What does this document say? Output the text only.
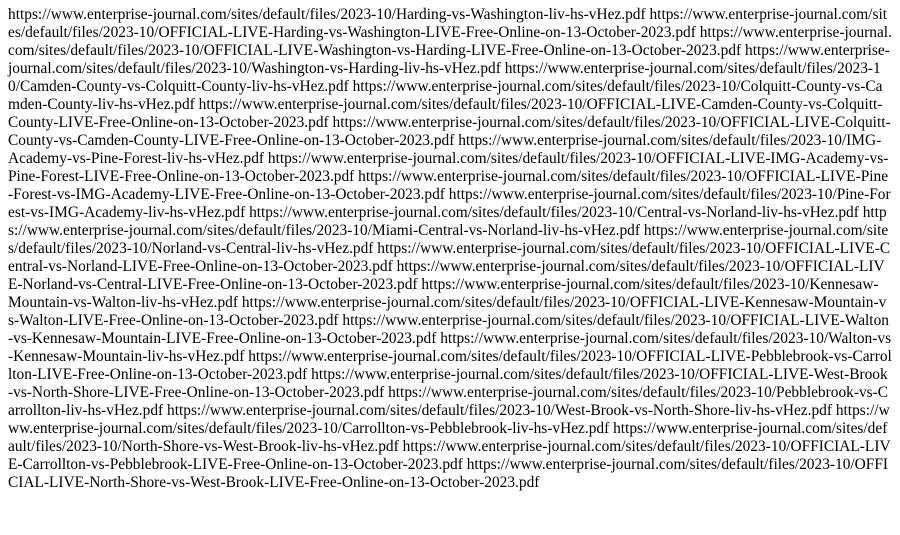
https://www.enterprise-journal.com/sites/default/files/2023-10/Harding-vs-Washington-liv-hs-vHez.pdf https://www.enterprise-journal.com/sites/default/files/2023-10/OFFICIAL-LIVE-Harding-vs-Washington-LIVE-Free-Online-on-13-October-2023.pdf https://www.enterprise-journal.com/sites/default/files/2023-10/OFFICIAL-LIVE-Washington-vs-Harding-LIVE-Free-Online-on-13-October-2023.pdf https://www.enterprise-journal.com/sites/default/files/2023-10/Washington-vs-Harding-liv-hs-vHez.pdf https://www.enterprise-journal.com/sites/default/files/2023-10/Camden-County-vs-Colquitt-County-liv-hs-vHez.pdf https://www.enterprise-journal.com/sites/default/files/2023-10/Colquitt-County-vs-Camden-County-liv-hs-vHez.pdf https://www.enterprise-journal.com/sites/default/files/2023-10/OFFICIAL-LIVE-Camden-County-vs-Colquitt-County-LIVE-Free-Online-on-13-October-2023.pdf https://www.enterprise-journal.com/sites/default/files/2023-10/OFFICIAL-LIVE-Colquitt-County-vs-Camden-County-LIVE-Free-Online-on-13-October-2023.pdf https://www.enterprise-journal.com/sites/default/files/2023-10/IMG-Academy-vs-Pine-Forest-liv-hs-vHez.pdf https://www.enterprise-journal.com/sites/default/files/2023-10/OFFICIAL-LIVE-IMG-Academy-vs-Pine-Forest-LIVE-Free-Online-on-13-October-2023.pdf https://www.enterprise-journal.com/sites/default/files/2023-10/OFFICIAL-LIVE-Pine-Forest-vs-IMG-Academy-LIVE-Free-Online-on-13-October-2023.pdf https://www.enterprise-journal.com/sites/default/files/2023-10/Pine-Forest-vs-IMG-Academy-liv-hs-vHez.pdf https://www.enterprise-journal.com/sites/default/files/2023-10/Central-vs-Norland-liv-hs-vHez.pdf https://www.enterprise-journal.com/sites/default/files/2023-10/Miami-Central-vs-Norland-liv-hs-vHez.pdf https://www.enterprise-journal.com/sites/default/files/2023-10/Norland-vs-Central-liv-hs-vHez.pdf https://www.enterprise-journal.com/sites/default/files/2023-10/OFFICIAL-LIVE-Central-vs-Norland-LIVE-Free-Online-on-13-October-2023.pdf https://www.enterprise-journal.com/sites/default/files/2023-10/OFFICIAL-LIVE-Norland-vs-Central-LIVE-Free-Online-on-13-October-2023.pdf https://www.enterprise-journal.com/sites/default/files/2023-10/Kennesaw-Mountain-vs-Walton-liv-hs-vHez.pdf https://www.enterprise-journal.com/sites/default/files/2023-10/OFFICIAL-LIVE-Kennesaw-Mountain-vs-Walton-LIVE-Free-Online-on-13-October-2023.pdf https://www.enterprise-journal.com/sites/default/files/2023-10/OFFICIAL-LIVE-Walton-vs-Kennesaw-Mountain-LIVE-Free-Online-on-13-October-2023.pdf https://www.enterprise-journal.com/sites/default/files/2023-10/Walton-vs-Kennesaw-Mountain-liv-hs-vHez.pdf https://www.enterprise-journal.com/sites/default/files/2023-10/OFFICIAL-LIVE-Pebblebrook-vs-Carrollton-LIVE-Free-Online-on-13-October-2023.pdf https://www.enterprise-journal.com/sites/default/files/2023-10/OFFICIAL-LIVE-West-Brook-vs-North-Shore-LIVE-Free-Online-on-13-October-2023.pdf https://www.enterprise-journal.com/sites/default/files/2023-10/Pebblebrook-vs-Carrollton-liv-hs-vHez.pdf https://www.enterprise-journal.com/sites/default/files/2023-10/West-Brook-vs-North-Shore-liv-hs-vHez.pdf https://www.enterprise-journal.com/sites/default/files/2023-10/Carrollton-vs-Pebblebrook-liv-hs-vHez.pdf https://www.enterprise-journal.com/sites/default/files/2023-10/North-Shore-vs-West-Brook-liv-hs-vHez.pdf https://www.enterprise-journal.com/sites/default/files/2023-10/OFFICIAL-LIVE-Carrollton-vs-Pebblebrook-LIVE-Free-Online-on-13-October-2023.pdf https://www.enterprise-journal.com/sites/default/files/2023-10/OFFICIAL-LIVE-North-Shore-vs-West-Brook-LIVE-Free-Online-on-13-October-2023.pdf
